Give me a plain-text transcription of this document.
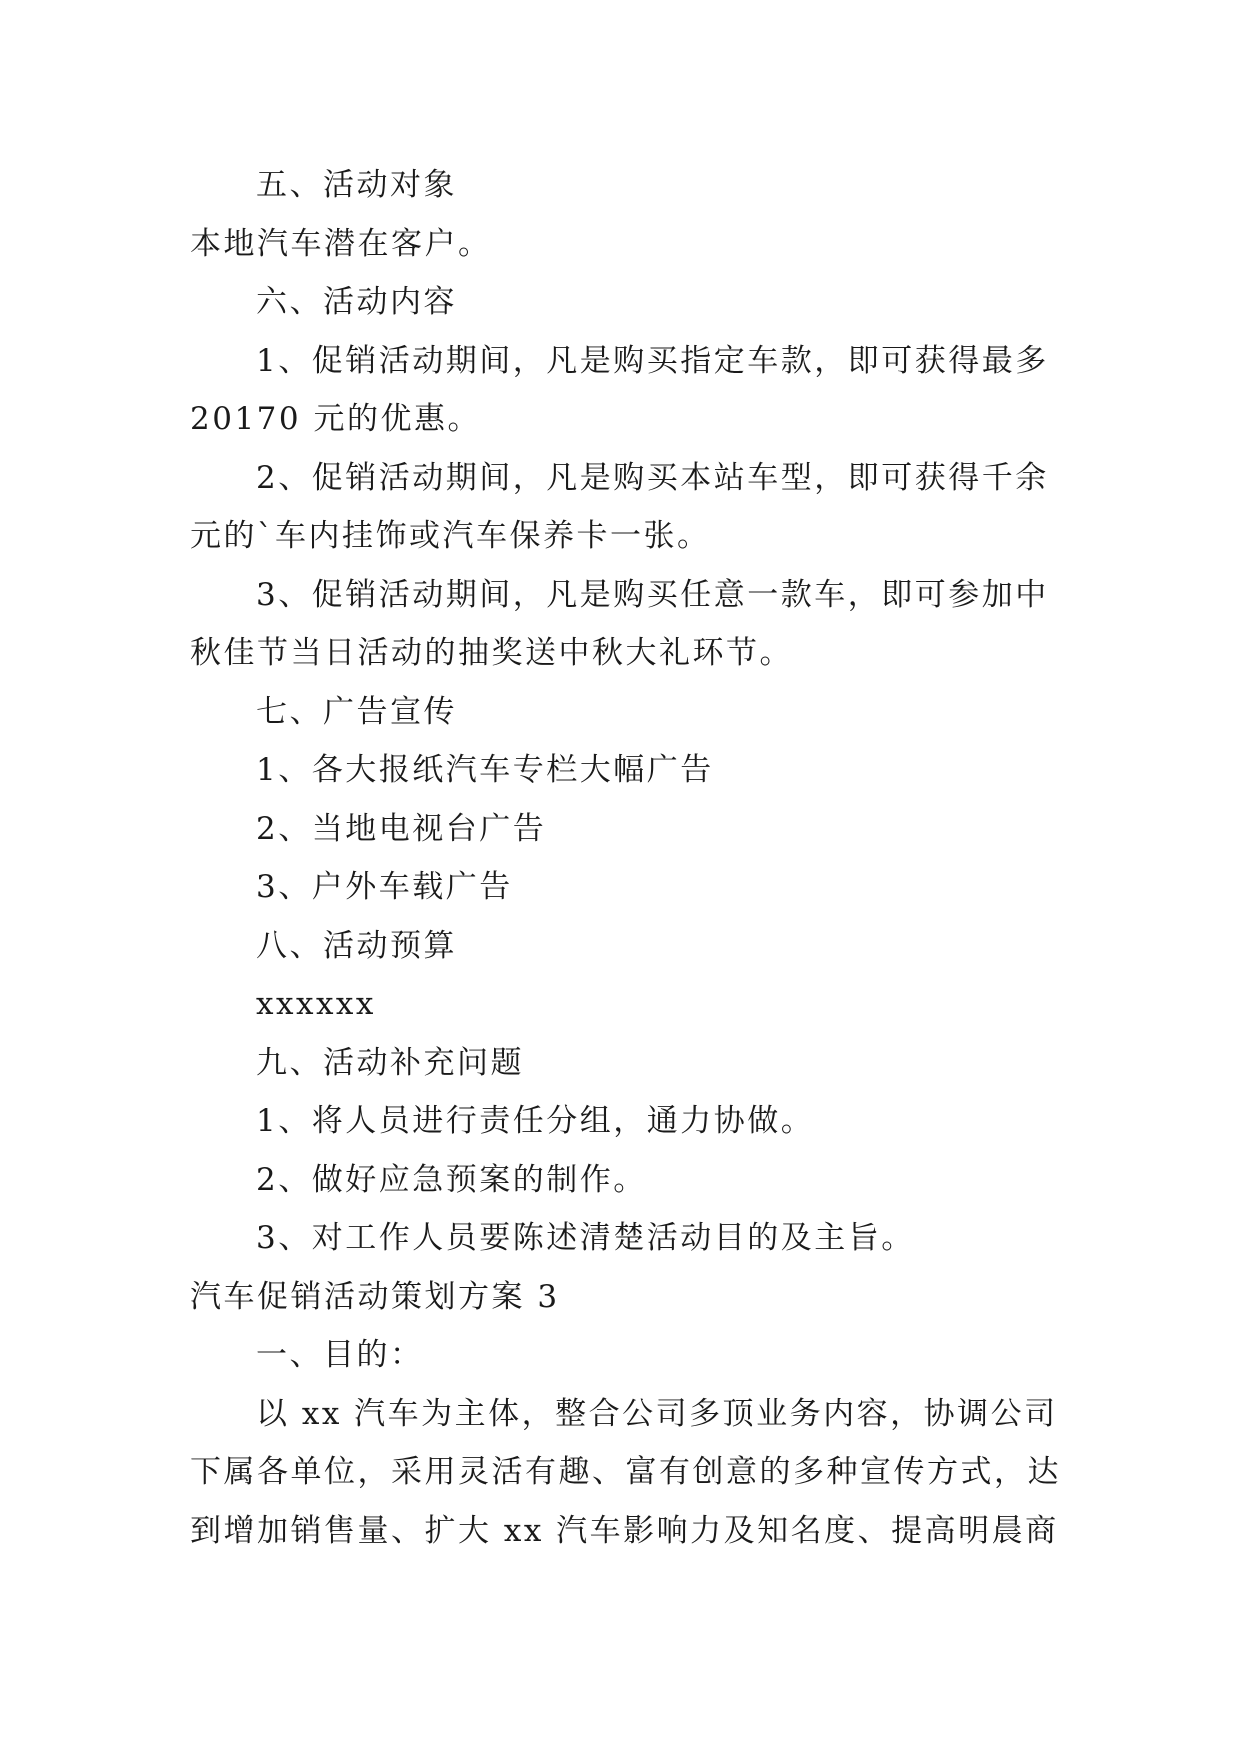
五、活动对象
本地汽车潜在客户。
六、活动内容
1、促销活动期间，凡是购买指定车款，即可获得最多
20170 元的优惠。
2、促销活动期间，凡是购买本站车型，即可获得千余
元的`车内挂饰或汽车保养卡一张。
3、促销活动期间，凡是购买任意一款车，即可参加中
秋佳节当日活动的抽奖送中秋大礼环节。
七、广告宣传
1、各大报纸汽车专栏大幅广告
2、当地电视台广告
3、户外车载广告
八、活动预算
xxxxxx
九、活动补充问题
1、将人员进行责任分组，通力协做。
2、做好应急预案的制作。
3、对工作人员要陈述清楚活动目的及主旨。
汽车促销活动策划方案 3
一、目的：
以 xx 汽车为主体，整合公司多顶业务内容，协调公司
下属各单位，采用灵活有趣、富有创意的多种宣传方式，达
到增加销售量、扩大 xx 汽车影响力及知名度、提高明晨商
